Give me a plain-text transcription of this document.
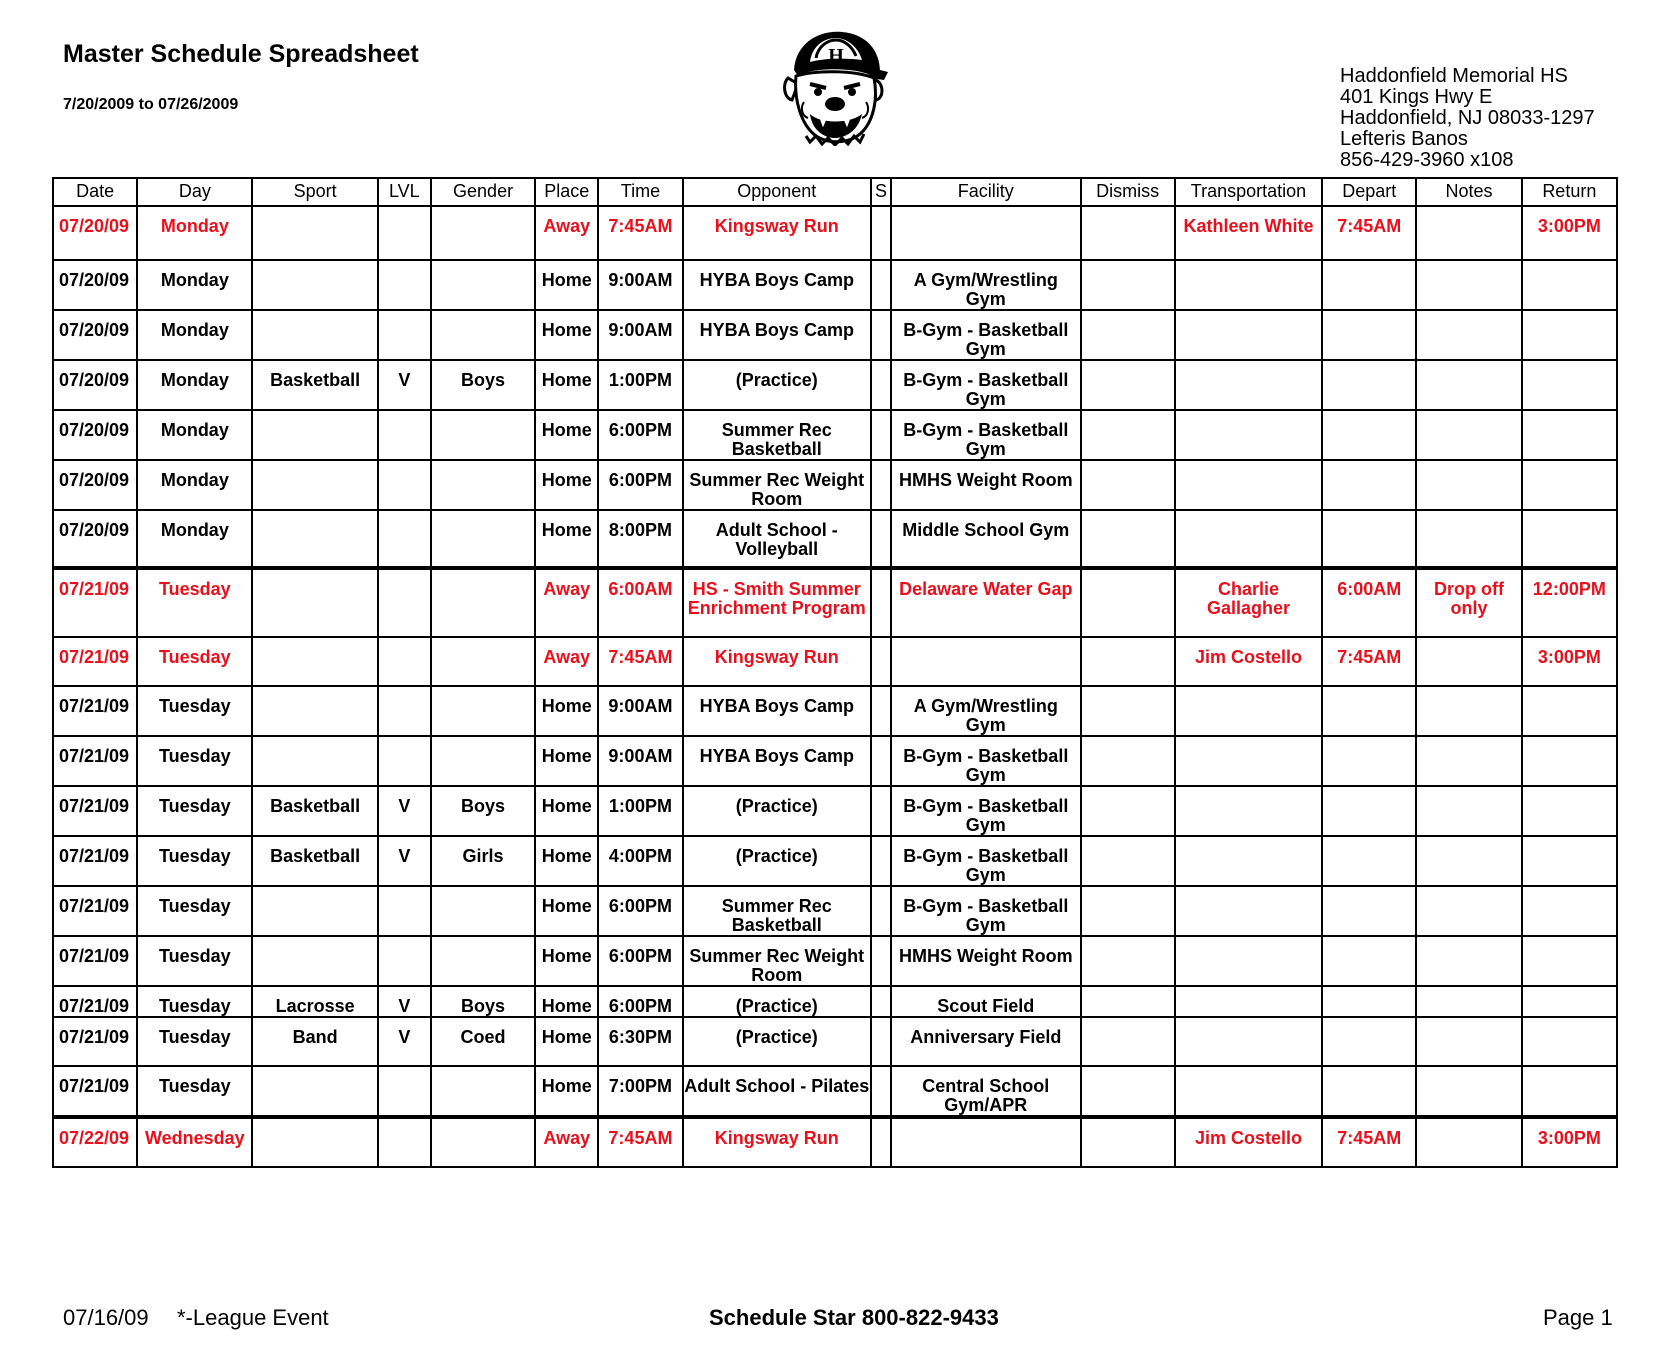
Master Schedule Spreadsheet
7/20/2009 to 07/26/2009
H
Haddonfield Memorial HS
401 Kings Hwy E
Haddonfield, NJ 08033-1297
Lefteris Banos
856-429-3960 x108
Date	Day	Sport	LVL	Gender	Place	Time	Opponent	S	Facility	Dismiss	Transportation	Depart	Notes	Return
07/20/09	Monday				Away	7:45AM	Kingsway Run				Kathleen White	7:45AM		3:00PM
07/20/09	Monday				Home	9:00AM	HYBA Boys Camp		A Gym/Wrestling Gym					
07/20/09	Monday				Home	9:00AM	HYBA Boys Camp		B-Gym - Basketball Gym					
07/20/09	Monday	Basketball	V	Boys	Home	1:00PM	(Practice)		B-Gym - Basketball Gym					
07/20/09	Monday				Home	6:00PM	Summer Rec Basketball		B-Gym - Basketball Gym					
07/20/09	Monday				Home	6:00PM	Summer Rec Weight Room		HMHS Weight Room					
07/20/09	Monday				Home	8:00PM	Adult School - Volleyball		Middle School Gym					
07/21/09	Tuesday				Away	6:00AM	HS - Smith Summer Enrichment Program		Delaware Water Gap		Charlie Gallagher	6:00AM	Drop off only	12:00PM
07/21/09	Tuesday				Away	7:45AM	Kingsway Run				Jim Costello	7:45AM		3:00PM
07/21/09	Tuesday				Home	9:00AM	HYBA Boys Camp		A Gym/Wrestling Gym					
07/21/09	Tuesday				Home	9:00AM	HYBA Boys Camp		B-Gym - Basketball Gym					
07/21/09	Tuesday	Basketball	V	Boys	Home	1:00PM	(Practice)		B-Gym - Basketball Gym					
07/21/09	Tuesday	Basketball	V	Girls	Home	4:00PM	(Practice)		B-Gym - Basketball Gym					
07/21/09	Tuesday				Home	6:00PM	Summer Rec Basketball		B-Gym - Basketball Gym					
07/21/09	Tuesday				Home	6:00PM	Summer Rec Weight Room		HMHS Weight Room					
07/21/09	Tuesday	Lacrosse	V	Boys	Home	6:00PM	(Practice)		Scout Field					
07/21/09	Tuesday	Band	V	Coed	Home	6:30PM	(Practice)		Anniversary Field					
07/21/09	Tuesday				Home	7:00PM	Adult School - Pilates		Central School Gym/APR					
07/22/09	Wednesday				Away	7:45AM	Kingsway Run				Jim Costello	7:45AM		3:00PM
07/16/09 *-League Event	Schedule Star 800-822-9433	Page 1
